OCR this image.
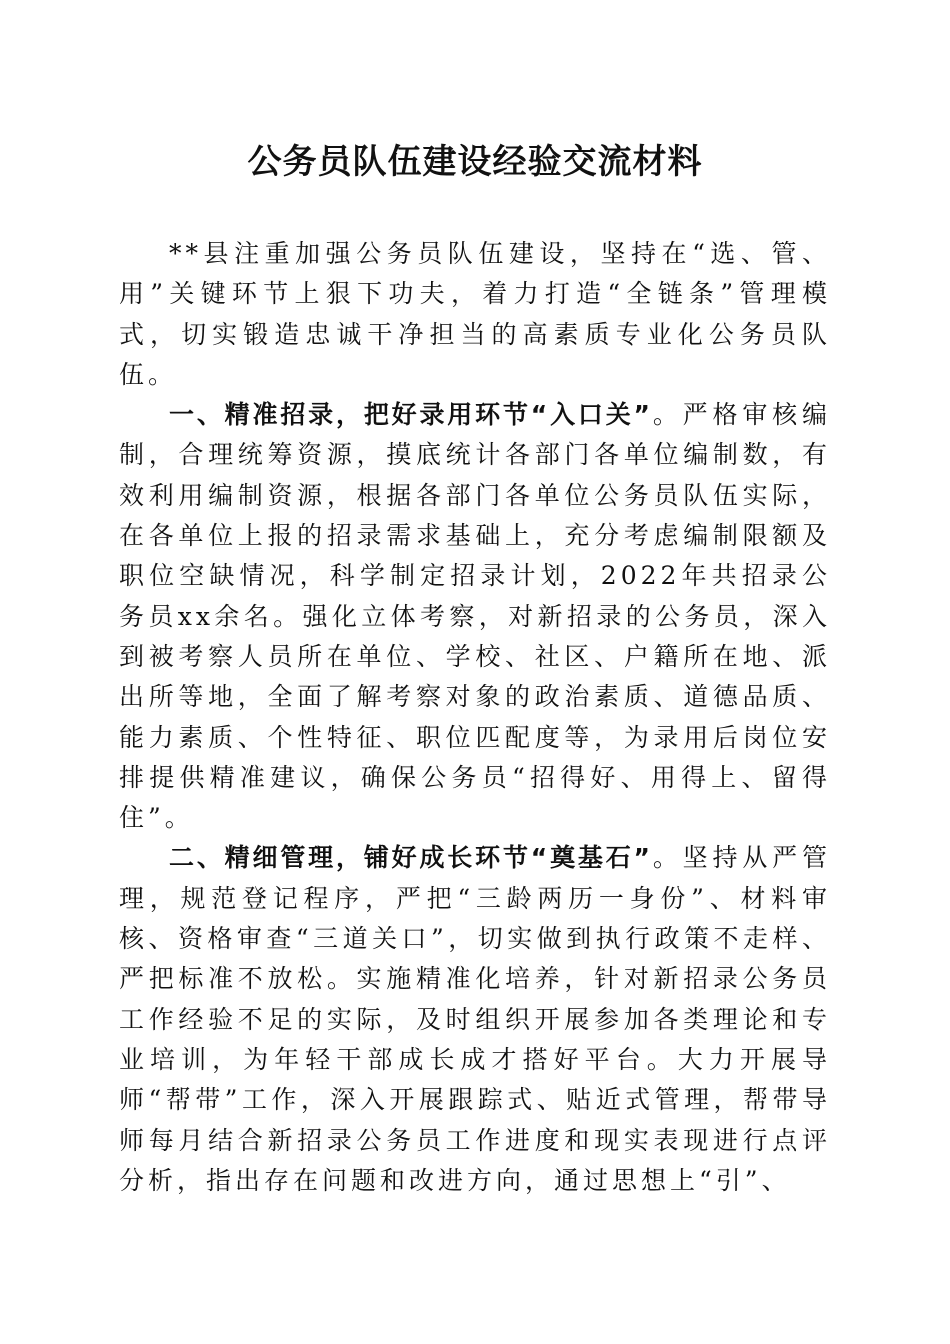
公务员队伍建设经验交流材料

**县注重加强公务员队伍建设，坚持在“选、管、用”关键环节上狠下功夫，着力打造“全链条”管理模式，切实锻造忠诚干净担当的高素质专业化公务员队伍。

一、精准招录，把好录用环节“入口关”。严格审核编制，合理统筹资源，摸底统计各部门各单位编制数，有效利用编制资源，根据各部门各单位公务员队伍实际，在各单位上报的招录需求基础上，充分考虑编制限额及职位空缺情况，科学制定招录计划，2022年共招录公务员xx余名。强化立体考察，对新招录的公务员，深入到被考察人员所在单位、学校、社区、户籍所在地、派出所等地，全面了解考察对象的政治素质、道德品质、能力素质、个性特征、职位匹配度等，为录用后岗位安排提供精准建议，确保公务员“招得好、用得上、留得住”。

二、精细管理，铺好成长环节“奠基石”。坚持从严管理，规范登记程序，严把“三龄两历一身份”、材料审核、资格审查“三道关口”，切实做到执行政策不走样、严把标准不放松。实施精准化培养，针对新招录公务员工作经验不足的实际，及时组织开展参加各类理论和专业培训，为年轻干部成长成才搭好平台。大力开展导师“帮带”工作，深入开展跟踪式、贴近式管理，帮带导师每月结合新招录公务员工作进度和现实表现进行点评分析，指出存在问题和改进方向，通过思想上“引”、
